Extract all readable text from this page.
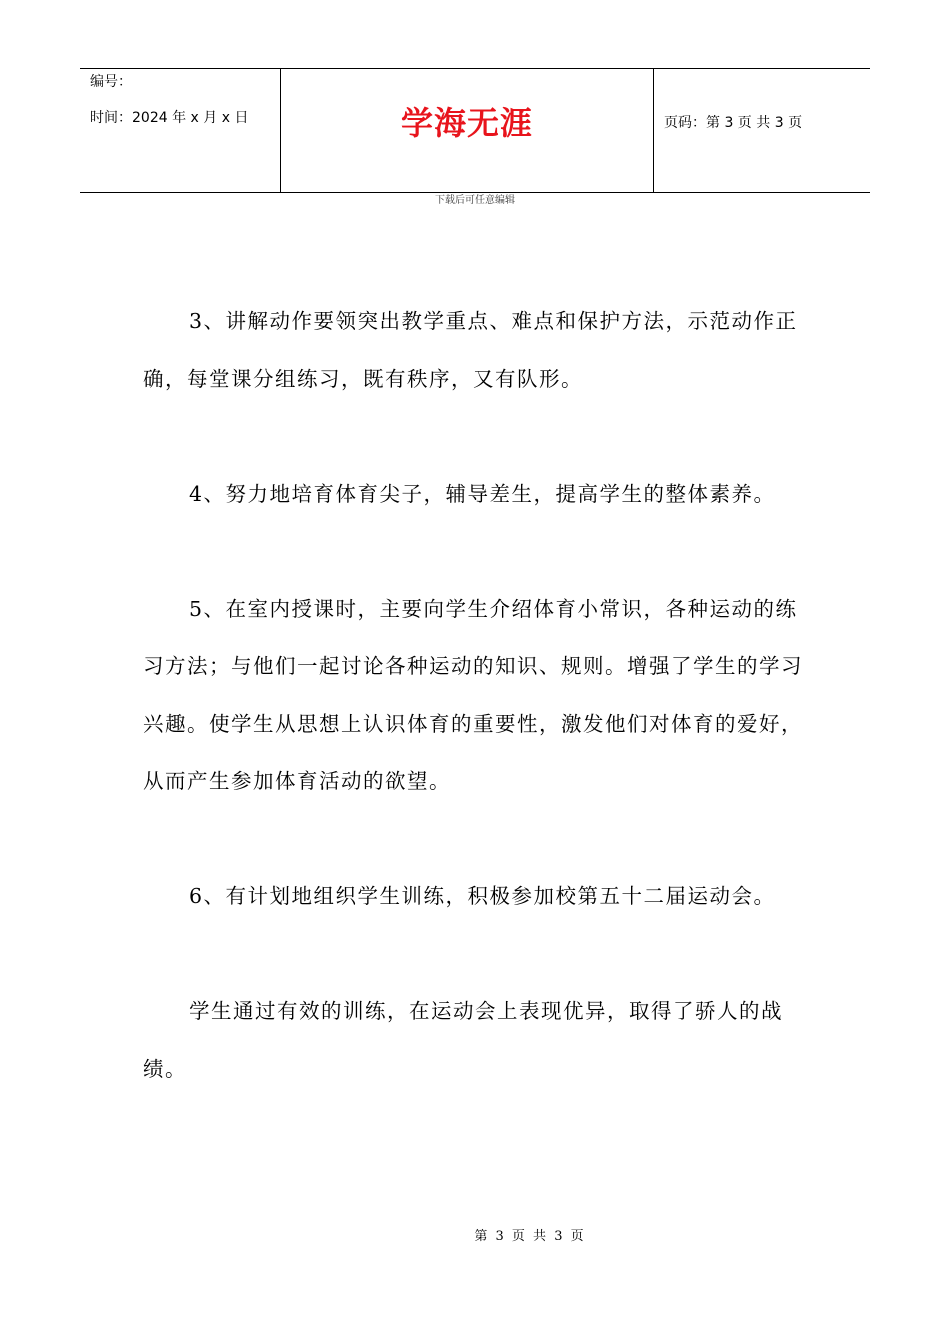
编号：
时间：2024 年 x 月 x 日	学海无涯	页码：第 3 页 共 3 页
下载后可任意编辑

3、讲解动作要领突出教学重点、难点和保护方法，示范动作正确，每堂课分组练习，既有秩序，又有队形。

4、努力地培育体育尖子，辅导差生，提高学生的整体素养。

5、在室内授课时，主要向学生介绍体育小常识，各种运动的练习方法；与他们一起讨论各种运动的知识、规则。增强了学生的学习兴趣。使学生从思想上认识体育的重要性，激发他们对体育的爱好，从而产生参加体育活动的欲望。

6、有计划地组织学生训练，积极参加校第五十二届运动会。

学生通过有效的训练，在运动会上表现优异，取得了骄人的战绩。

第 3 页 共 3 页
